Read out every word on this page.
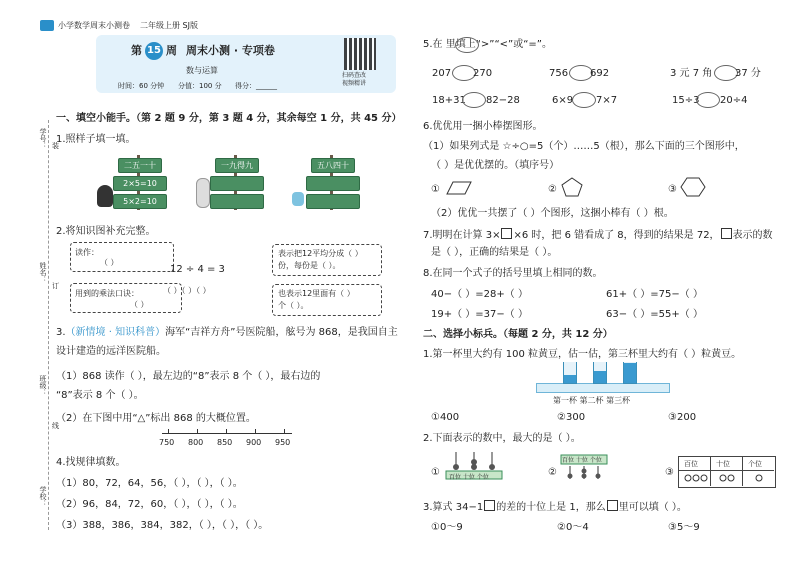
学号：
姓名：
班级：
学校：
装
订
线
小学数学周末小测卷 二年级上册 SJ版
第 15 周 周末小测 · 专项卷
数与运算
时间：60 分钟 分值：100 分 得分：______
扫码查改
视频精讲
一、填空小能手。（第 2 题 9 分，第 3 题 4 分，其余每空 1 分，共 45 分）
1.照样子填一填。
二五一十
2×5=10
5×2=10
一九得九	五八四十
2.将知识图补充完整。
读作：
（ ）
用到的乘法口诀：
（ ）
12 ÷ 4 = 3
（ ）（ ）（ ）
表示把12平均分成（ ）
份，每份是（ ）。
也表示12里面有（ ）
个（ ）。
3.（新情境 · 知识科普）海军“吉祥方舟”号医院船，舷号为 868，是我国自主
设计建造的远洋医院船。
（1）868 读作（ ），最左边的“8”表示 8 个（ ），最右边的
“8”表示 8 个（ ）。
（2）在下图中用“△”标出 868 的大概位置。
4.找规律填数。
（1）80，72，64，56，（ ），（ ），（ ）。
（2）96，84，72，60，（ ），（ ），（ ）。
（3）388，386，384，382，（ ），（ ），（ ）。
5.在 里填上“>”“<”或“=”。
207 270	756 692	3 元 7 角 37 分
18+31 82−28	6×9 7×7	15÷3 20÷4
6.优优用一捆小棒摆图形。
（1）如果列式是 ☆÷○=5（个）……5（根），那么下面的三个图形中，
（ ）是优优摆的。（填序号）
①	②	③
（2）优优一共摆了（ ）个图形，这捆小棒有（ ）根。
7.明明在计算 3× ×6 时，把 6 错看成了 8，得到的结果是 72， 表示的数
是（ ），正确的结果是（ ）。
8.在同一个式子的括号里填上相同的数。
40−（ ）=28+（ ）	61+（ ）=75−（ ）
19+（ ）=37−（ ）	63−（ ）=55+（ ）
二、选择小标兵。（每题 2 分，共 12 分）
1.第一杯里大约有 100 粒黄豆，估一估，第三杯里大约有（ ）粒黄豆。
第一杯 第二杯 第三杯
①400	②300	③200
2.下面表示的数中，最大的是（ ）。
① 百位 十位 个位	②
百位 十位 个位
③
百位	十位	个位
3.算式 34−1 的差的十位上是 1，那么 里可以填（ ）。
①0～9	②0～4	③5～9
750 800 850 900 950
